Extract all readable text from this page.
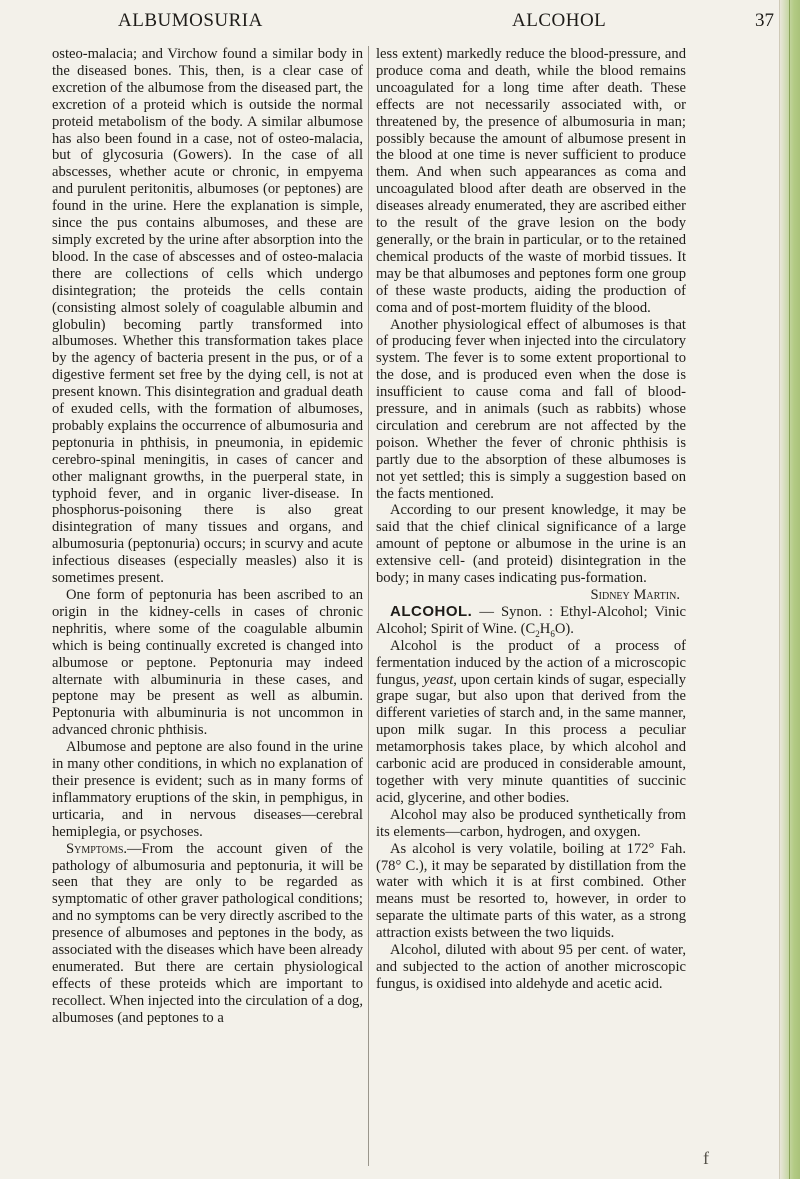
ALBUMOSURIA	ALCOHOL	37

osteo-malacia; and Virchow found a similar body in the diseased bones. This, then, is a clear case of excretion of the albumose from the diseased part, the excretion of a proteid which is outside the normal proteid metabolism of the body. A similar albumose has also been found in a case, not of osteo-malacia, but of glycosuria (Gowers). In the case of all abscesses, whether acute or chronic, in empyema and purulent peritonitis, albumoses (or peptones) are found in the urine. Here the explanation is simple, since the pus contains albumoses, and these are simply excreted by the urine after absorption into the blood. In the case of abscesses and of osteo-malacia there are collections of cells which undergo disintegration; the proteids the cells contain (consisting almost solely of coagulable albumin and globulin) becoming partly transformed into albumoses. Whether this transformation takes place by the agency of bacteria present in the pus, or of a digestive ferment set free by the dying cell, is not at present known. This disintegration and gradual death of exuded cells, with the formation of albumoses, probably explains the occurrence of albumosuria and peptonuria in phthisis, in pneumonia, in epidemic cerebro-spinal meningitis, in cases of cancer and other malignant growths, in the puerperal state, in typhoid fever, and in organic liver-disease. In phosphorus-poisoning there is also great disintegration of many tissues and organs, and albumosuria (peptonuria) occurs; in scurvy and acute infectious diseases (especially measles) also it is sometimes present.

One form of peptonuria has been ascribed to an origin in the kidney-cells in cases of chronic nephritis, where some of the coagulable albumin which is being continually excreted is changed into albumose or peptone. Peptonuria may indeed alternate with albuminuria in these cases, and peptone may be present as well as albumin. Peptonuria with albuminuria is not uncommon in advanced chronic phthisis.

Albumose and peptone are also found in the urine in many other conditions, in which no explanation of their presence is evident; such as in many forms of inflammatory eruptions of the skin, in pemphigus, in urticaria, and in nervous diseases—cerebral hemiplegia, or psychoses.

Symptoms.—From the account given of the pathology of albumosuria and peptonuria, it will be seen that they are only to be regarded as symptomatic of other graver pathological conditions; and no symptoms can be very directly ascribed to the presence of albumoses and peptones in the body, as associated with the diseases which have been already enumerated. But there are certain physiological effects of these proteids which are important to recollect. When injected into the circulation of a dog, albumoses (and peptones to a

less extent) markedly reduce the blood-pressure, and produce coma and death, while the blood remains uncoagulated for a long time after death. These effects are not necessarily associated with, or threatened by, the presence of albumosuria in man; possibly because the amount of albumose present in the blood at one time is never sufficient to produce them. And when such appearances as coma and uncoagulated blood after death are observed in the diseases already enumerated, they are ascribed either to the result of the grave lesion on the body generally, or the brain in particular, or to the retained chemical products of the waste of morbid tissues. It may be that albumoses and peptones form one group of these waste products, aiding the production of coma and of post-mortem fluidity of the blood.

Another physiological effect of albumoses is that of producing fever when injected into the circulatory system. The fever is to some extent proportional to the dose, and is produced even when the dose is insufficient to cause coma and fall of blood-pressure, and in animals (such as rabbits) whose circulation and cerebrum are not affected by the poison. Whether the fever of chronic phthisis is partly due to the absorption of these albumoses is not yet settled; this is simply a suggestion based on the facts mentioned.

According to our present knowledge, it may be said that the chief clinical significance of a large amount of peptone or albumose in the urine is an extensive cell- (and proteid) disintegration in the body; in many cases indicating pus-formation.

Sidney Martin.

ALCOHOL. — Synon. : Ethyl-Alcohol; Vinic Alcohol; Spirit of Wine. $(C_2H_6O)$.

Alcohol is the product of a process of fermentation induced by the action of a microscopic fungus, yeast, upon certain kinds of sugar, especially grape sugar, but also upon that derived from the different varieties of starch and, in the same manner, upon milk sugar. In this process a peculiar metamorphosis takes place, by which alcohol and carbonic acid are produced in considerable amount, together with very minute quantities of succinic acid, glycerine, and other bodies.

Alcohol may also be produced synthetically from its elements—carbon, hydrogen, and oxygen.

As alcohol is very volatile, boiling at 172° Fah. (78° C.), it may be separated by distillation from the water with which it is at first combined. Other means must be resorted to, however, in order to separate the ultimate parts of this water, as a strong attraction exists between the two liquids.

Alcohol, diluted with about 95 per cent. of water, and subjected to the action of another microscopic fungus, is oxidised into aldehyde and acetic acid.

f
